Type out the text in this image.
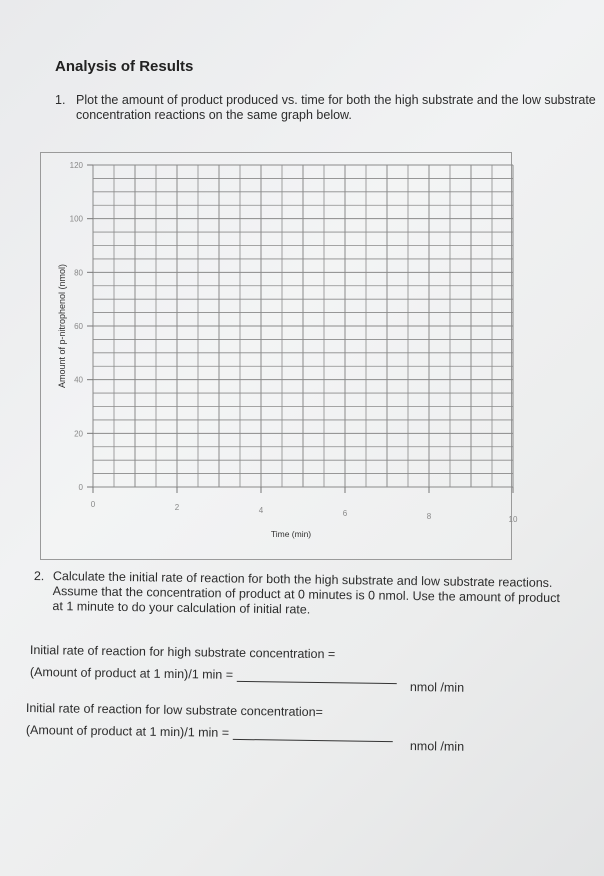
Analysis of Results
1. Plot the amount of product produced vs. time for both the high substrate and the low substrate concentration reactions on the same graph below.
0
20
40
60
80
100
120
0	2	4	6	8	10
Time (min)
Amount of p-nitrophenol (nmol)
2. Calculate the initial rate of reaction for both the high substrate and low substrate reactions. Assume that the concentration of product at 0 minutes is 0 nmol. Use the amount of product at 1 minute to do your calculation of initial rate.
Initial rate of reaction for high substrate concentration =
(Amount of product at 1 min)/1 min =
nmol /min
Initial rate of reaction for low substrate concentration=
(Amount of product at 1 min)/1 min =
nmol /min
